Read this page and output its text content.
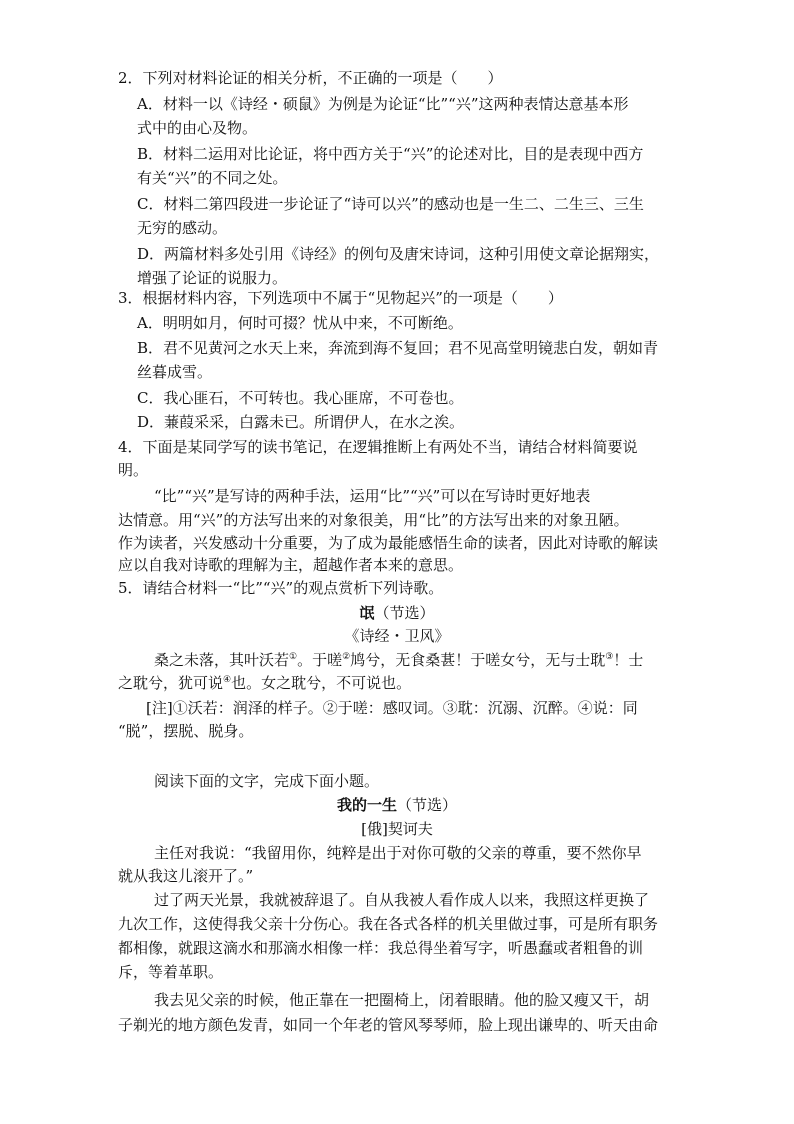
2．下列对材料论证的相关分析，不正确的一项是（　　）
A．材料一以《诗经・硕鼠》为例是为论证“比”“兴”这两种表情达意基本形
式中的由心及物。
B．材料二运用对比论证，将中西方关于“兴”的论述对比，目的是表现中西方
有关“兴”的不同之处。
C．材料二第四段进一步论证了“诗可以兴”的感动也是一生二、二生三、三生
无穷的感动。
D．两篇材料多处引用《诗经》的例句及唐宋诗词，这种引用使文章论据翔实，
增强了论证的说服力。
3．根据材料内容，下列选项中不属于“见物起兴”的一项是（　　）
A．明明如月，何时可掇？忧从中来，不可断绝。
B．君不见黄河之水天上来，奔流到海不复回；君不见高堂明镜悲白发，朝如青
丝暮成雪。
C．我心匪石，不可转也。我心匪席，不可卷也。
D．蒹葭采采，白露未已。所谓伊人，在水之涘。
4．下面是某同学写的读书笔记，在逻辑推断上有两处不当，请结合材料简要说
明。
“比”“兴”是写诗的两种手法，运用“比”“兴”可以在写诗时更好地表
达情意。用“兴”的方法写出来的对象很美，用“比”的方法写出来的对象丑陋。
作为读者，兴发感动十分重要，为了成为最能感悟生命的读者，因此对诗歌的解读
应以自我对诗歌的理解为主，超越作者本来的意思。
5．请结合材料一“比”“兴”的观点赏析下列诗歌。
氓（节选）
《诗经・卫风》
桑之未落，其叶沃若①。于嗟②鸠兮，无食桑葚！于嗟女兮，无与士耽③！士
之耽兮，犹可说④也。女之耽兮，不可说也。
[注]①沃若：润泽的样子。②于嗟：感叹词。③耽：沉溺、沉醉。④说：同
“脱”，摆脱、脱身。
阅读下面的文字，完成下面小题。
我的一生（节选）
[俄]契诃夫
主任对我说：“我留用你，纯粹是出于对你可敬的父亲的尊重，要不然你早
就从我这儿滚开了。”
过了两天光景，我就被辞退了。自从我被人看作成人以来，我照这样更换了
九次工作，这使得我父亲十分伤心。我在各式各样的机关里做过事，可是所有职务
都相像，就跟这滴水和那滴水相像一样：我总得坐着写字，听愚蠢或者粗鲁的训
斥，等着革职。
我去见父亲的时候，他正靠在一把圈椅上，闭着眼睛。他的脸又瘦又干，胡
子剃光的地方颜色发青，如同一个年老的管风琴琴师，脸上现出谦卑的、听天由命
